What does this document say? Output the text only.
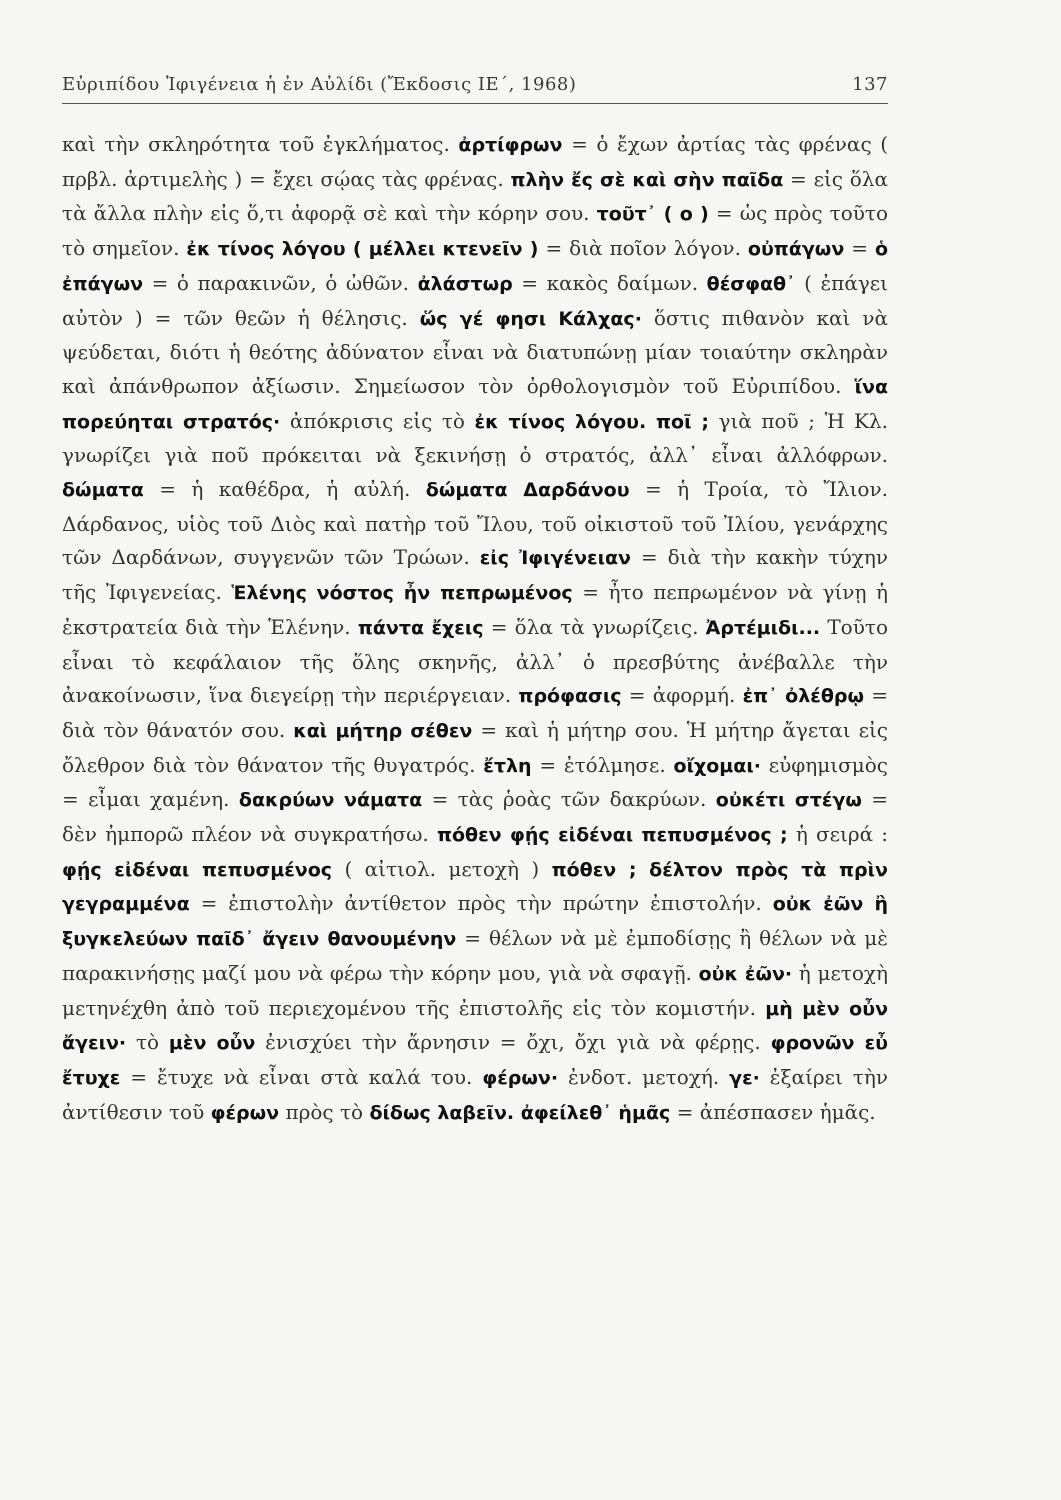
Εὐριπίδου Ἰφιγένεια ἡ ἐν Αὐλίδι (Ἔκδοσις ΙΕ΄, 1968)	137

καὶ τὴν σκληρότητα τοῦ ἐγκλήματος. ἀρτίφρων = ὁ ἔχων ἀρτίας τὰς φρένας ( πρβλ. ἀρτιμελὴς ) = ἔχει σῴας τὰς φρένας. πλὴν ἔς σὲ καὶ σὴν παῖδα = εἰς ὅλα τὰ ἄλλα πλὴν εἰς ὅ,τι ἀφορᾷ σὲ καὶ τὴν κόρην σου. τοῦτ᾽ ( ο ) = ὡς πρὸς τοῦτο τὸ σημεῖον. ἐκ τίνος λόγου ( μέλλει κτενεῖν ) = διὰ ποῖον λόγον. οὐπάγων = ὁ ἐπάγων = ὁ παρακινῶν, ὁ ὠθῶν. ἀλάστωρ = κακὸς δαίμων. θέσφαθ᾽ ( ἐπάγει αὐτὸν ) = τῶν θεῶν ἡ θέλησις. ὥς γέ φησι Κάλχας· ὅστις πιθανὸν καὶ νὰ ψεύδεται, διότι ἡ θεότης ἀδύνατον εἶναι νὰ διατυπώνῃ μίαν τοιαύτην σκληρὰν καὶ ἀπάνθρωπον ἀξίωσιν. Σημείωσον τὸν ὀρθολογισμὸν τοῦ Εὐριπίδου. ἵνα πορεύηται στρατός· ἀπόκρισις εἰς τὸ ἐκ τίνος λόγου. ποῖ ; γιὰ ποῦ ; Ἡ Κλ. γνωρίζει γιὰ ποῦ πρόκειται νὰ ξεκινήσῃ ὁ στρατός, ἀλλ᾽ εἶναι ἀλλόφρων. δώματα = ἡ καθέδρα, ἡ αὐλή. δώματα Δαρδάνου = ἡ Τροία, τὸ Ἴλιον. Δάρδανος, υἱὸς τοῦ Διὸς καὶ πατὴρ τοῦ Ἴλου, τοῦ οἰκιστοῦ τοῦ Ἰλίου, γενάρχης τῶν Δαρδάνων, συγγενῶν τῶν Τρώων. εἰς Ἰφιγένειαν = διὰ τὴν κακὴν τύχην τῆς Ἰφιγενείας. Ἑλένης νόστος ἦν πεπρωμένος = ἦτο πεπρωμένον νὰ γίνῃ ἡ ἐκστρατεία διὰ τὴν Ἑλένην. πάντα ἔχεις = ὅλα τὰ γνωρίζεις. Ἀρτέμιδι... Τοῦτο εἶναι τὸ κεφάλαιον τῆς ὅλης σκηνῆς, ἀλλ᾽ ὁ πρεσβύτης ἀνέβαλλε τὴν ἀνακοίνωσιν, ἵνα διεγείρῃ τὴν περιέργειαν. πρόφασις = ἀφορμή. ἐπ᾽ ὀλέθρῳ = διὰ τὸν θάνατόν σου. καὶ μήτηρ σέθεν = καὶ ἡ μήτηρ σου. Ἡ μήτηρ ἄγεται εἰς ὄλεθρον διὰ τὸν θάνατον τῆς θυγατρός. ἔτλη = ἐτόλμησε. οἴχομαι· εὐφημισμὸς = εἶμαι χαμένη. δακρύων νάματα = τὰς ῥοὰς τῶν δακρύων. οὐκέτι στέγω = δὲν ἠμπορῶ πλέον νὰ συγκρατήσω. πόθεν φῄς εἰδέναι πεπυσμένος ; ἡ σειρά : φῄς εἰδέναι πεπυσμένος ( αἰτιολ. μετοχὴ ) πόθεν ; δέλτον πρὸς τὰ πρὶν γεγραμμένα = ἐπιστολὴν ἀντίθετον πρὸς τὴν πρώτην ἐπιστολήν. οὐκ ἐῶν ἢ ξυγκελεύων παῖδ᾽ ἄγειν θανουμένην = θέλων νὰ μὲ ἐμποδίσῃς ἢ θέλων νὰ μὲ παρακινήσῃς μαζί μου νὰ φέρω τὴν κόρην μου, γιὰ νὰ σφαγῇ. οὐκ ἐῶν· ἡ μετοχὴ μετηνέχθη ἀπὸ τοῦ περιεχομένου τῆς ἐπιστολῆς εἰς τὸν κομιστήν. μὴ μὲν οὖν ἄγειν· τὸ μὲν οὖν ἐνισχύει τὴν ἄρνησιν = ὄχι, ὄχι γιὰ νὰ φέρῃς. φρονῶν εὖ ἔτυχε = ἔτυχε νὰ εἶναι στὰ καλά του. φέρων· ἐνδοτ. μετοχή. γε· ἐξαίρει τὴν ἀντίθεσιν τοῦ φέρων πρὸς τὸ δίδως λαβεῖν. ἀφείλεθ᾽ ἡμᾶς = ἀπέσπασεν ἡμᾶς.
